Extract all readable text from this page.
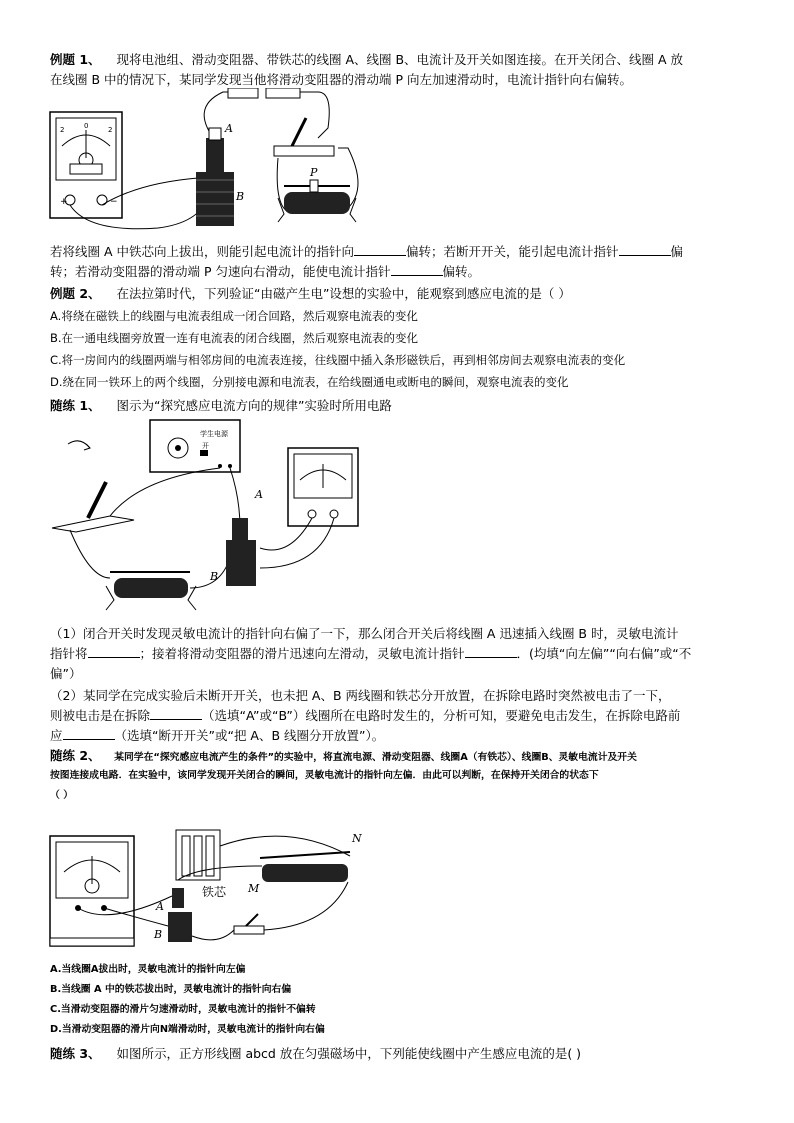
例题 1、 现将电池组、滑动变阻器、带铁芯的线圈 A、线圈 B、电流计及开关如图连接。在开关闭合、线圈 A 放
在线圈 B 中的情况下，某同学发现当他将滑动变阻器的滑动端 P 向左加速滑动时，电流计指针向右偏转。
2	0	2
+	−
A
B
P
若将线圈 A 中铁芯向上拔出，则能引起电流计的指针向	偏转；若断开开关，能引起电流计指针	偏
转；若滑动变阻器的滑动端 P 匀速向右滑动，能使电流计指针	偏转。
例题 2、 在法拉第时代，下列验证“由磁产生电”设想的实验中，能观察到感应电流的是（ ）
A.将绕在磁铁上的线圈与电流表组成一闭合回路，然后观察电流表的变化
B.在一通电线圈旁放置一连有电流表的闭合线圈，然后观察电流表的变化
C.将一房间内的线圈两端与相邻房间的电流表连接，往线圈中插入条形磁铁后，再到相邻房间去观察电流表的变化
D.绕在同一铁环上的两个线圈，分别接电源和电流表，在给线圈通电或断电的瞬间，观察电流表的变化
随练 1、 图示为“探究感应电流方向的规律”实验时所用电路
学生电源
开
A
B
（1）闭合开关时发现灵敏电流计的指针向右偏了一下，那么闭合开关后将线圈 A 迅速插入线圈 B 时，灵敏电流计
指针将	；接着将滑动变阻器的滑片迅速向左滑动，灵敏电流计指针	．(均填“向左偏”“向右偏”或“不
偏”）
（2）某同学在完成实验后未断开开关，也未把 A、B 两线圈和铁芯分开放置，在拆除电路时突然被电击了一下，
则被电击是在拆除	（选填“A”或“B”）线圈所在电路时发生的，分析可知，要避免电击发生，在拆除电路前
应	（选填“断开开关”或“把 A、B 线圈分开放置”）。
随练 2、 某同学在“探究感应电流产生的条件”的实验中，将直流电源、滑动变阻器、线圈A（有铁芯）、线圈B、灵敏电流计及开关
按图连接成电路．在实验中，该同学发现开关闭合的瞬间，灵敏电流计的指针向左偏．由此可以判断，在保持开关闭合的状态下
（ ）
铁芯
A
B
M
N
A.当线圈A拔出时，灵敏电流计的指针向左偏
B.当线圈 A 中的铁芯拔出时，灵敏电流计的指针向右偏
C.当滑动变阻器的滑片匀速滑动时，灵敏电流计的指针不偏转
D.当滑动变阻器的滑片向N端滑动时，灵敏电流计的指针向右偏
随练 3、 如图所示，正方形线圈 abcd 放在匀强磁场中，下列能使线圈中产生感应电流的是( )
